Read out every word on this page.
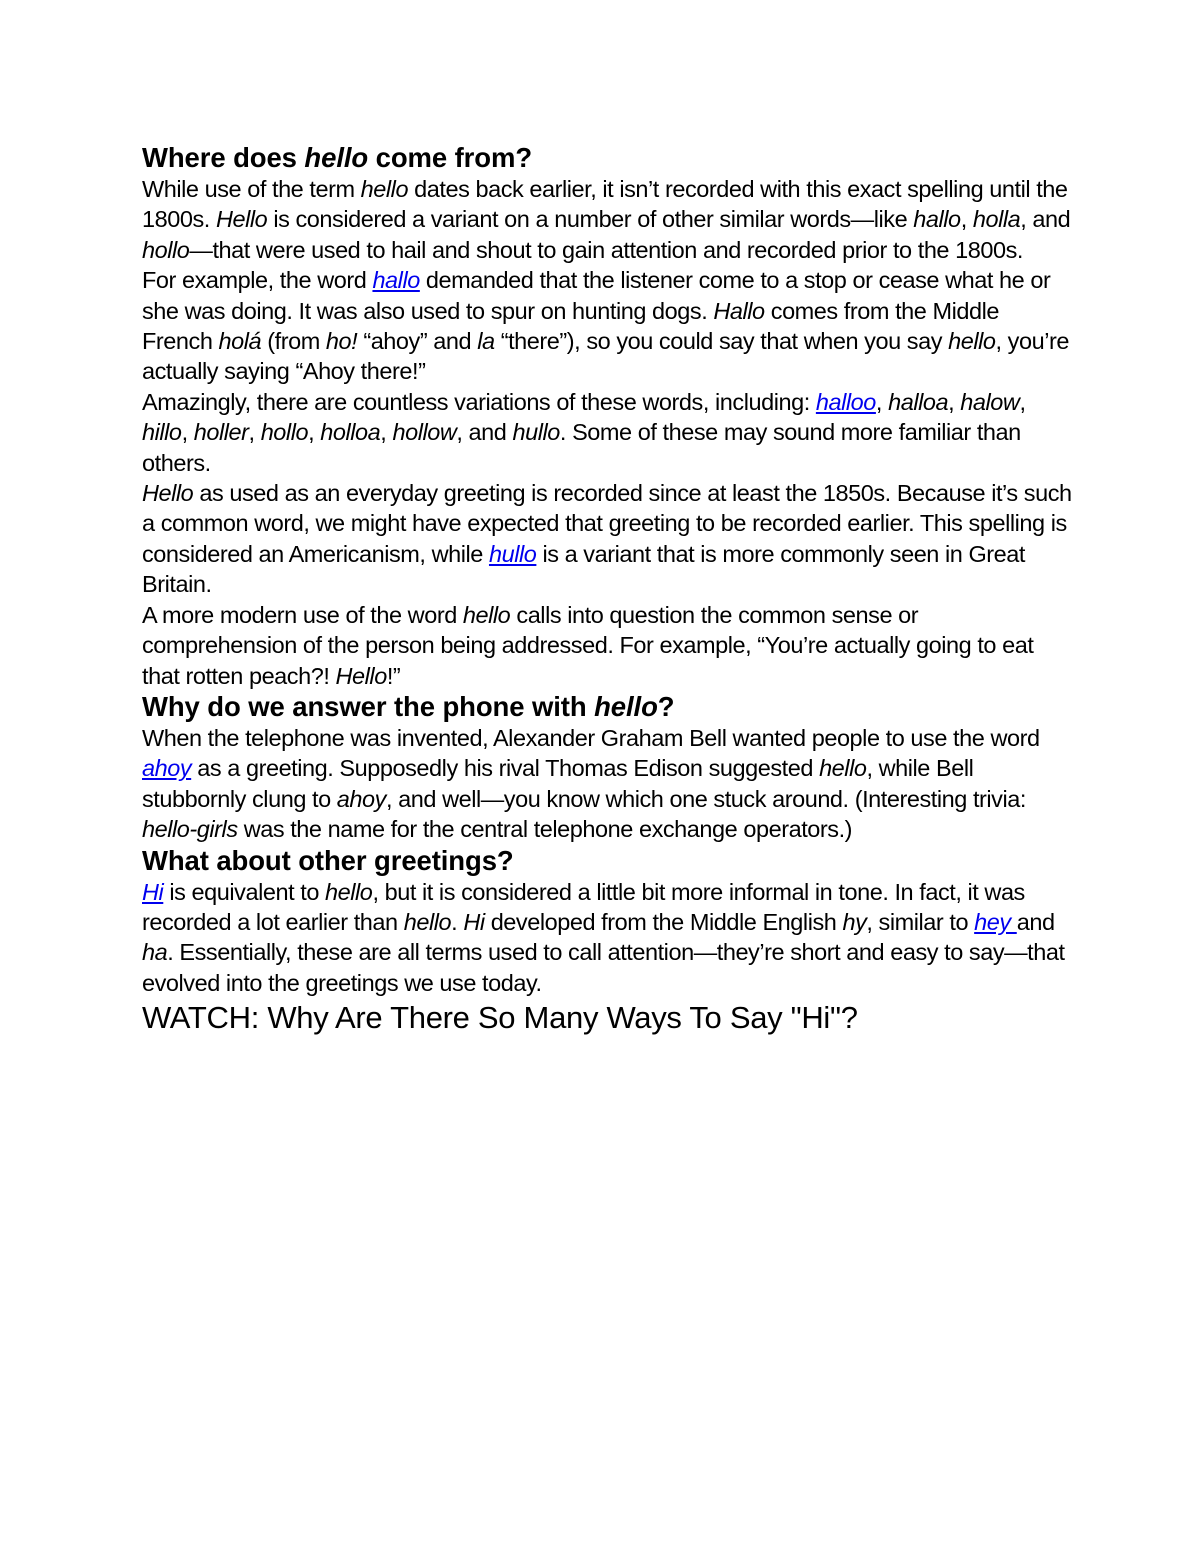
Where does hello come from?

While use of the term hello dates back earlier, it isn’t recorded with this exact spelling until the 1800s. Hello is considered a variant on a number of other similar words—like hallo, holla, and hollo—that were used to hail and shout to gain attention and recorded prior to the 1800s.

For example, the word hallo demanded that the listener come to a stop or cease what he or she was doing. It was also used to spur on hunting dogs. Hallo comes from the Middle French holá (from ho! “ahoy” and la “there”), so you could say that when you say hello, you’re actually saying “Ahoy there!”

Amazingly, there are countless variations of these words, including: halloo, halloa, halow, hillo, holler, hollo, holloa, hollow, and hullo. Some of these may sound more familiar than others.

Hello as used as an everyday greeting is recorded since at least the 1850s. Because it’s such a common word, we might have expected that greeting to be recorded earlier. This spelling is considered an Americanism, while hullo is a variant that is more commonly seen in Great Britain.

A more modern use of the word hello calls into question the common sense or comprehension of the person being addressed. For example, “You’re actually going to eat that rotten peach?! Hello!”

Why do we answer the phone with hello?

When the telephone was invented, Alexander Graham Bell wanted people to use the word ahoy as a greeting. Supposedly his rival Thomas Edison suggested hello, while Bell stubbornly clung to ahoy, and well—you know which one stuck around. (Interesting trivia: hello-girls was the name for the central telephone exchange operators.)

What about other greetings?

Hi is equivalent to hello, but it is considered a little bit more informal in tone. In fact, it was recorded a lot earlier than hello. Hi developed from the Middle English hy, similar to hey and ha. Essentially, these are all terms used to call attention—they’re short and easy to say—that evolved into the greetings we use today.

WATCH: Why Are There So Many Ways To Say "Hi"?
